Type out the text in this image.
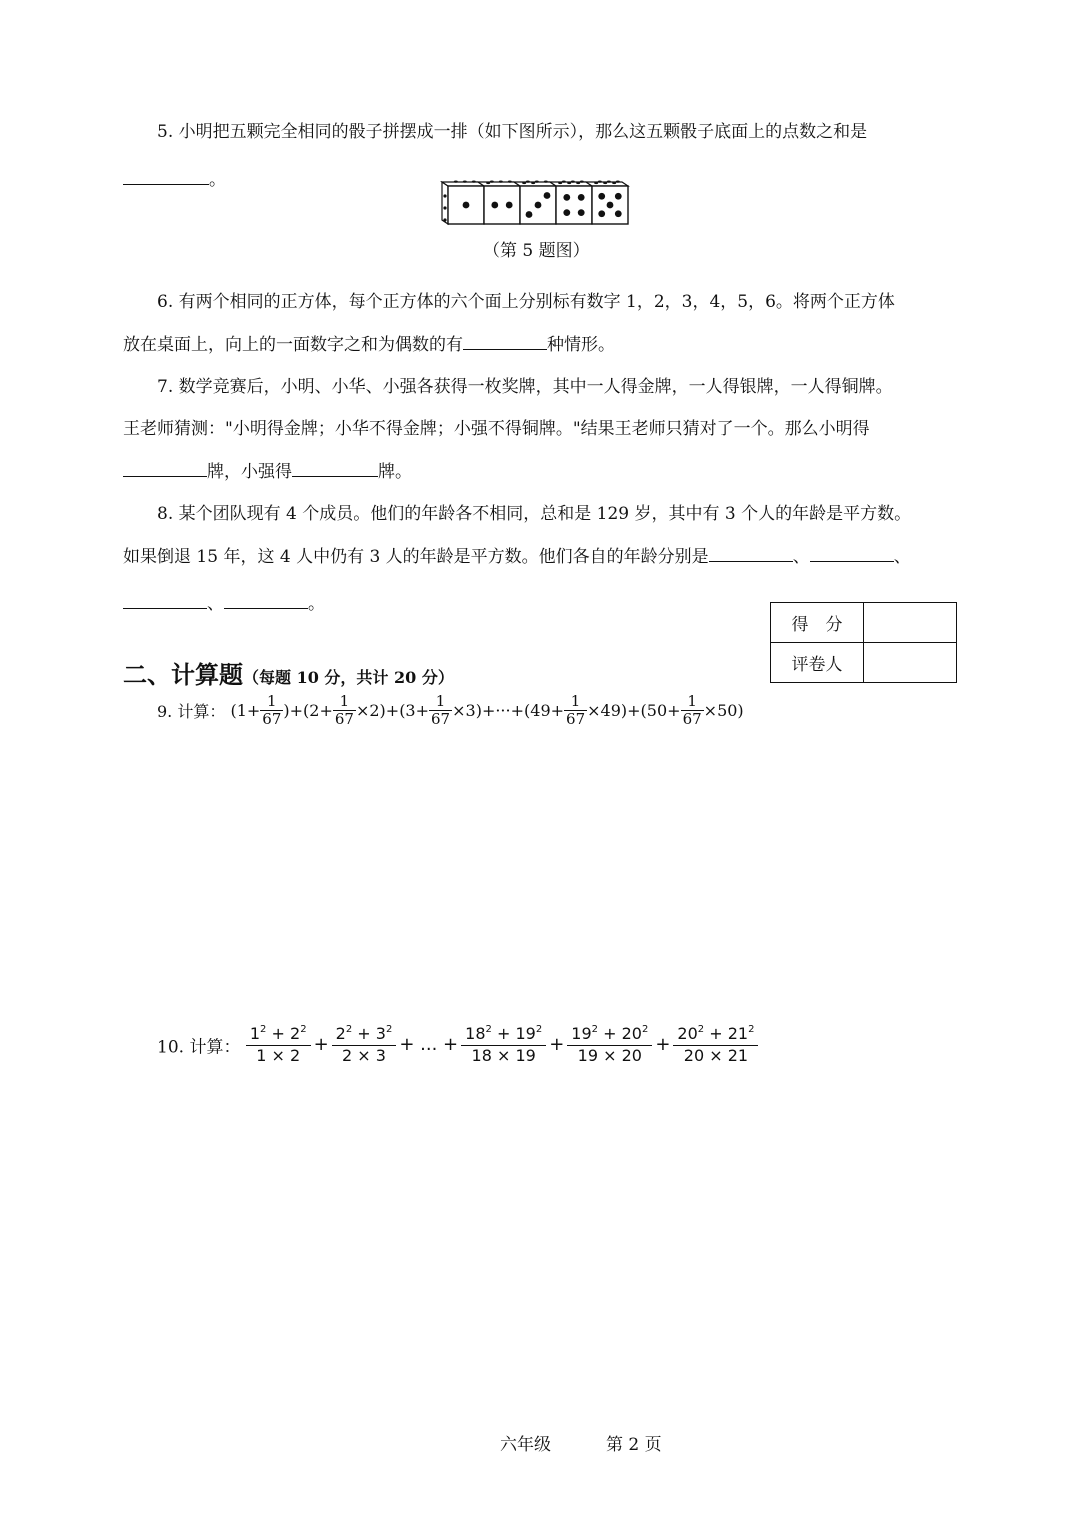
5. 小明把五颗完全相同的骰子拼摆成一排（如下图所示），那么这五颗骰子底面上的点数之和是
。
（第 5 题图）
6. 有两个相同的正方体，每个正方体的六个面上分别标有数字 1，2，3，4，5，6。将两个正方体
放在桌面上，向上的一面数字之和为偶数的有	种情形。
7. 数学竞赛后，小明、小华、小强各获得一枚奖牌，其中一人得金牌，一人得银牌，一人得铜牌。
王老师猜测："小明得金牌；小华不得金牌；小强不得铜牌。"结果王老师只猜对了一个。那么小明得
牌，小强得	牌。
8. 某个团队现有 4 个成员。他们的年龄各不相同，总和是 129 岁，其中有 3 个人的年龄是平方数。
如果倒退 15 年，这 4 人中仍有 3 人的年龄是平方数。他们各自的年龄分别是	、	、
、	。
得　分	
评卷人	
二、计算题（每题 10 分，共计 20 分）
9. 计算： $(1+ \frac{1}{67} )+(2+ \frac{1}{67} \times 2)+(3+ \frac{1}{67} \times 3)+\cdot\cdot\cdot+(49+ \frac{1}{67} \times 49)+(50+ \frac{1}{67} \times 50)$
10. 计算： $\frac{1^2 + 2^2}{1 \times 2} + \frac{2^2 + 3^2}{2 \times 3}$ + ... + $\frac{18^2 + 19^2}{18 \times 19} + \frac{19^2 + 20^2}{19 \times 20} + \frac{20^2 + 21^2}{20 \times 21}$
六年级	第 2 页
